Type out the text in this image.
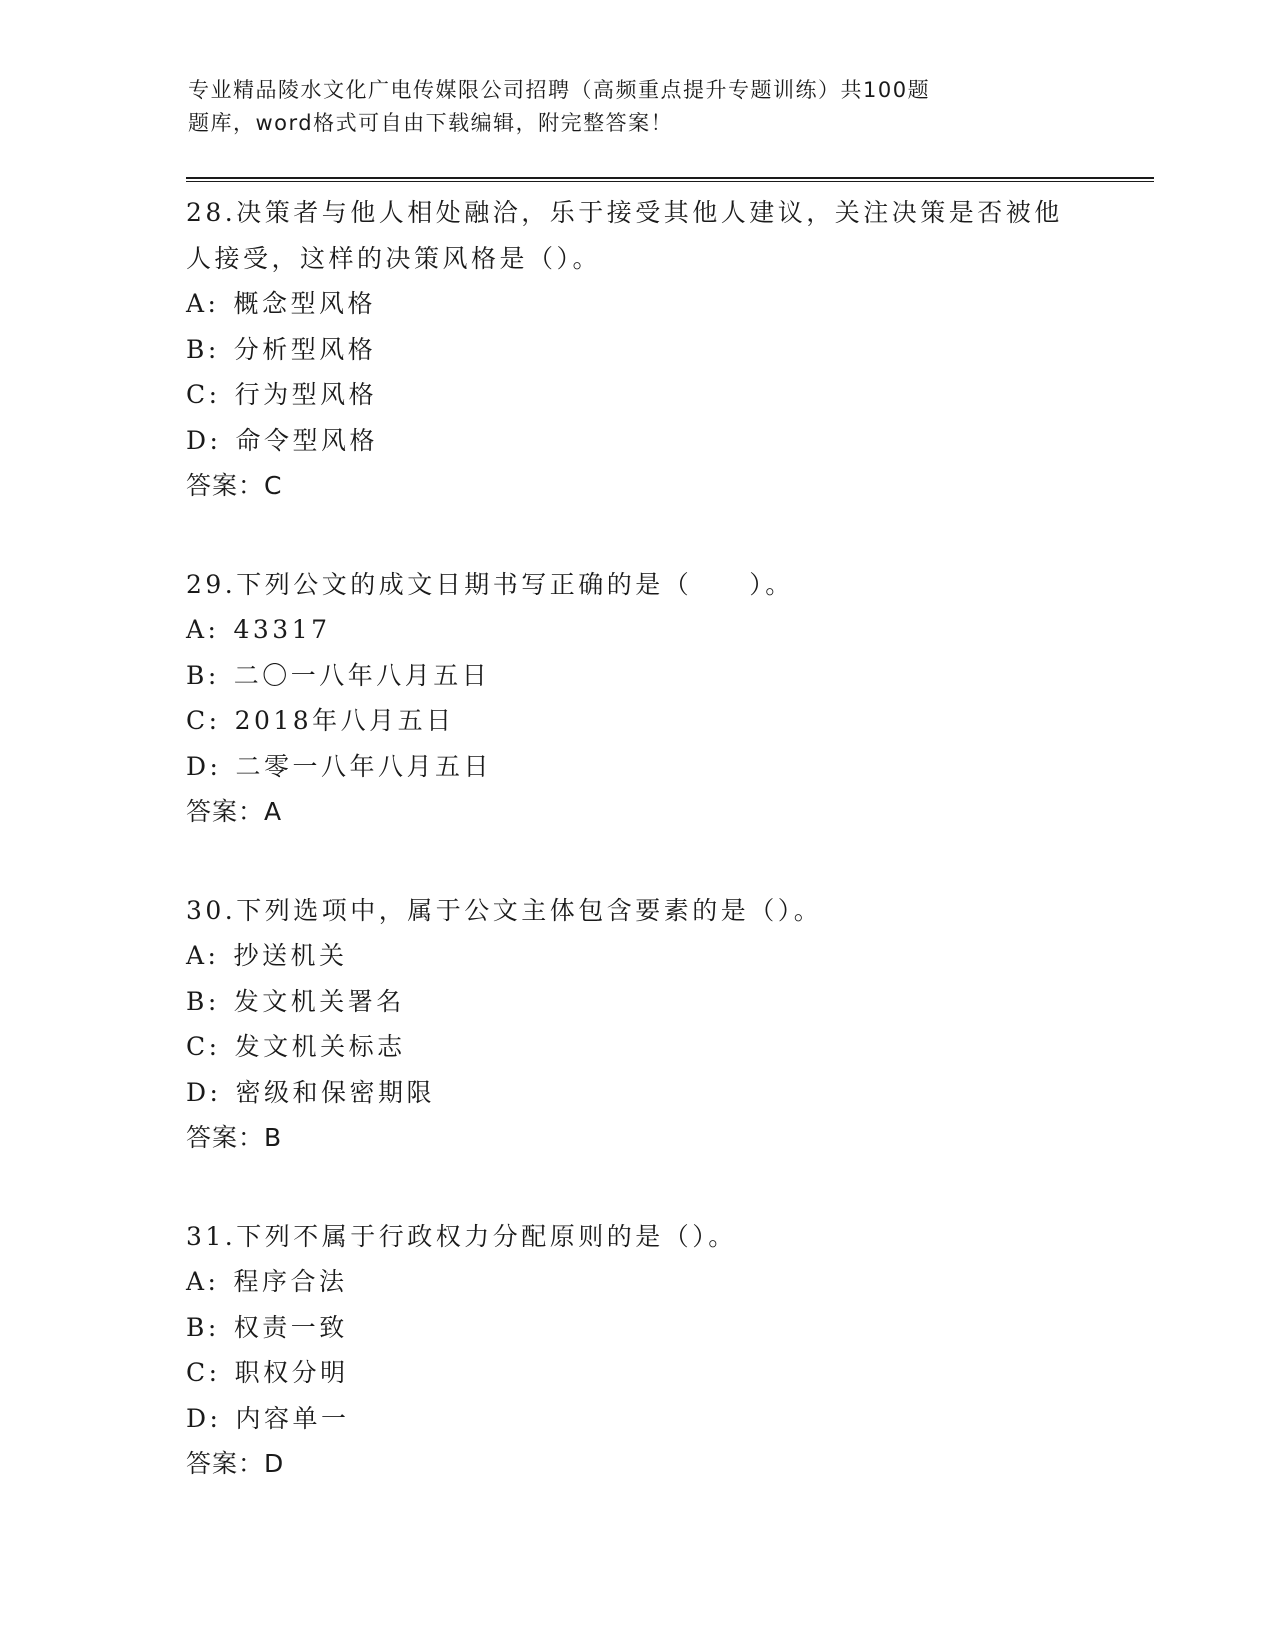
专业精品陵水文化广电传媒限公司招聘（高频重点提升专题训练）共100题
题库，word格式可自由下载编辑，附完整答案！
28.决策者与他人相处融洽，乐于接受其他人建议，关注决策是否被他
人接受，这样的决策风格是（）。
A: 概念型风格
B: 分析型风格
C: 行为型风格
D: 命令型风格
答案：C
29.下列公文的成文日期书写正确的是（　　）。
A: 43317
B: 二〇一八年八月五日
C: 2018年八月五日
D: 二零一八年八月五日
答案：A
30.下列选项中，属于公文主体包含要素的是（）。
A: 抄送机关
B: 发文机关署名
C: 发文机关标志
D: 密级和保密期限
答案：B
31.下列不属于行政权力分配原则的是（）。
A: 程序合法
B: 权责一致
C: 职权分明
D: 内容单一
答案：D
